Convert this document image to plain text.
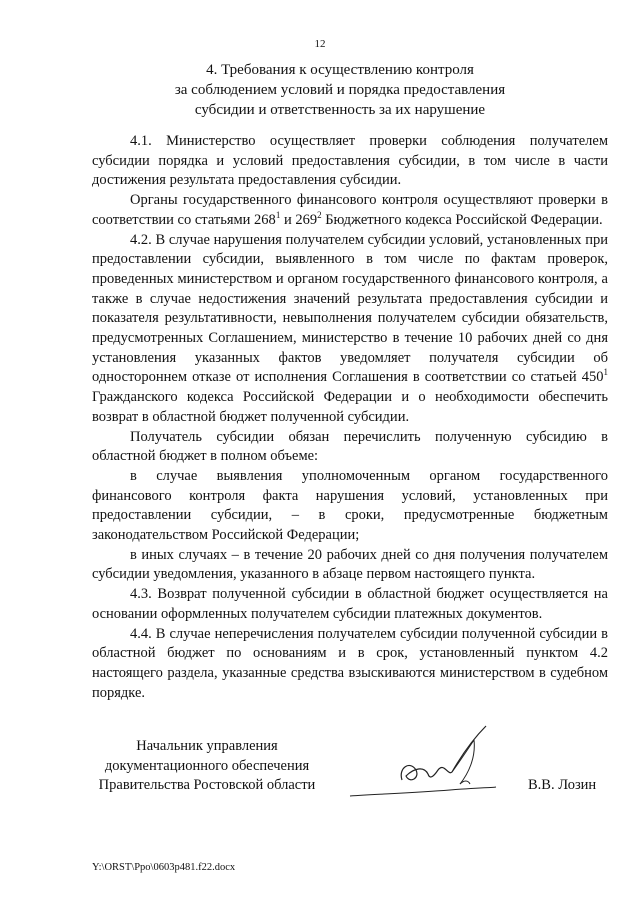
12
4. Требования к осуществлению контроля
за соблюдением условий и порядка предоставления
субсидии и ответственность за их нарушение

4.1. Министерство осуществляет проверки соблюдения получателем субсидии порядка и условий предоставления субсидии, в том числе в части достижения результата предоставления субсидии.

Органы государственного финансового контроля осуществляют проверки в соответствии со статьями $268^1$ и $269^2$ Бюджетного кодекса Российской Федерации.

4.2. В случае нарушения получателем субсидии условий, установленных при предоставлении субсидии, выявленного в том числе по фактам проверок, проведенных министерством и органом государственного финансового контроля, а также в случае недостижения значений результата предоставления субсидии и показателя результативности, невыполнения получателем субсидии обязательств, предусмотренных Соглашением, министерство в течение 10 рабочих дней со дня установления указанных фактов уведомляет получателя субсидии об одностороннем отказе от исполнения Соглашения в соответствии со статьей $450^1$ Гражданского кодекса Российской Федерации и о необходимости обеспечить возврат в областной бюджет полученной субсидии.

Получатель субсидии обязан перечислить полученную субсидию в областной бюджет в полном объеме:

в случае выявления уполномоченным органом государственного финансового контроля факта нарушения условий, установленных при предоставлении субсидии, – в сроки, предусмотренные бюджетным законодательством Российской Федерации;

в иных случаях – в течение 20 рабочих дней со дня получения получателем субсидии уведомления, указанного в абзаце первом настоящего пункта.

4.3. Возврат полученной субсидии в областной бюджет осуществляется на основании оформленных получателем субсидии платежных документов.

4.4. В случае неперечисления получателем субсидии полученной субсидии в областной бюджет по основаниям и в срок, установленный пунктом 4.2 настоящего раздела, указанные средства взыскиваются министерством в судебном порядке.

Начальник управления
документационного обеспечения
Правительства Ростовской области	В.В. Лозин
Y:\ORST\Ppo\0603p481.f22.docx
